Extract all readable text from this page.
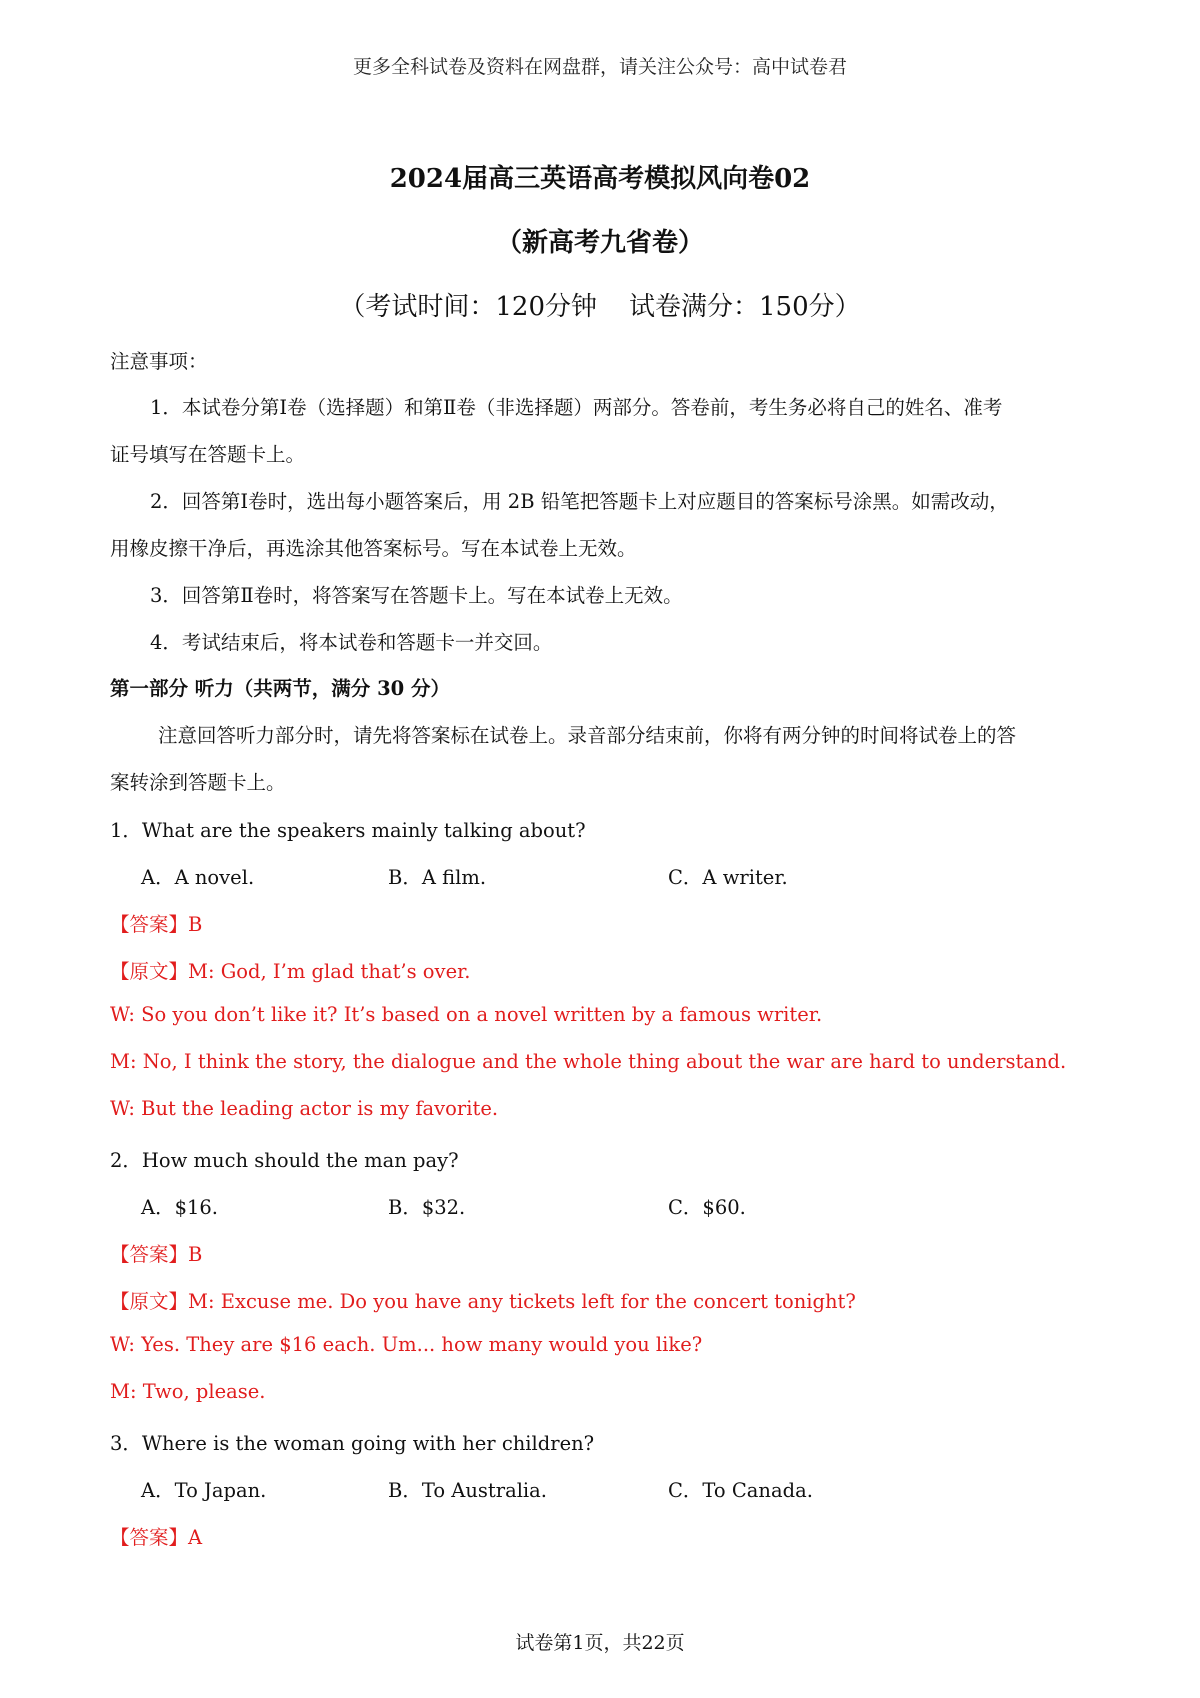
更多全科试卷及资料在网盘群，请关注公众号：高中试卷君
2024届高三英语高考模拟风向卷02
（新高考九省卷）
（考试时间：120分钟 试卷满分：150分）
注意事项：
1．本试卷分第Ⅰ卷（选择题）和第Ⅱ卷（非选择题）两部分。答卷前，考生务必将自己的姓名、准考
证号填写在答题卡上。
2．回答第Ⅰ卷时，选出每小题答案后，用 2B 铅笔把答题卡上对应题目的答案标号涂黑。如需改动，
用橡皮擦干净后，再选涂其他答案标号。写在本试卷上无效。
3．回答第Ⅱ卷时，将答案写在答题卡上。写在本试卷上无效。
4．考试结束后，将本试卷和答题卡一并交回。
第一部分 听力（共两节，满分 30 分）
注意回答听力部分时，请先将答案标在试卷上。录音部分结束前，你将有两分钟的时间将试卷上的答
案转涂到答题卡上。
1．What are the speakers mainly talking about?
A．A novel.	B．A film.	C．A writer.
【答案】B
【原文】M: God, I’m glad that’s over.
W: So you don’t like it? It’s based on a novel written by a famous writer.
M: No, I think the story, the dialogue and the whole thing about the war are hard to understand.
W: But the leading actor is my favorite.
2．How much should the man pay?
A．$16.	B．$32.	C．$60.
【答案】B
【原文】M: Excuse me. Do you have any tickets left for the concert tonight?
W: Yes. They are $16 each. Um... how many would you like?
M: Two, please.
3．Where is the woman going with her children?
A．To Japan.	B．To Australia.	C．To Canada.
【答案】A
试卷第1页，共22页
